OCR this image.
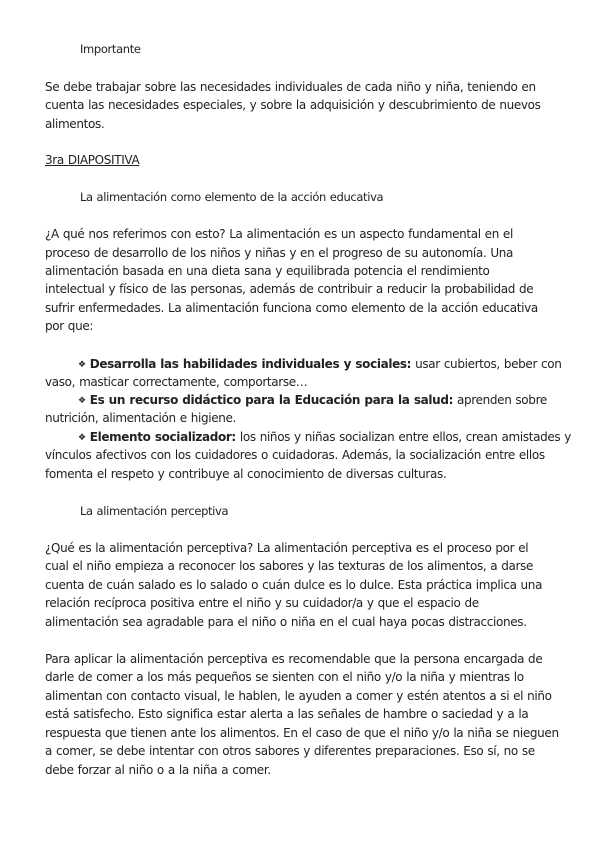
Importante
Se debe trabajar sobre las necesidades individuales de cada niño y niña, teniendo en
cuenta las necesidades especiales, y sobre la adquisición y descubrimiento de nuevos
alimentos.
3ra DIAPOSITIVA
La alimentación como elemento de la acción educativa
¿A qué nos referimos con esto? La alimentación es un aspecto fundamental en el
proceso de desarrollo de los niños y niñas y en el progreso de su autonomía. Una
alimentación basada en una dieta sana y equilibrada potencia el rendimiento
intelectual y físico de las personas, además de contribuir a reducir la probabilidad de
sufrir enfermedades. La alimentación funciona como elemento de la acción educativa
por que:
❖ Desarrolla las habilidades individuales y sociales: usar cubiertos, beber con
vaso, masticar correctamente, comportarse…
❖ Es un recurso didáctico para la Educación para la salud: aprenden sobre
nutrición, alimentación e higiene.
❖ Elemento socializador: los niños y niñas socializan entre ellos, crean amistades y
vínculos afectivos con los cuidadores o cuidadoras. Además, la socialización entre ellos
fomenta el respeto y contribuye al conocimiento de diversas culturas.
La alimentación perceptiva
¿Qué es la alimentación perceptiva? La alimentación perceptiva es el proceso por el
cual el niño empieza a reconocer los sabores y las texturas de los alimentos, a darse
cuenta de cuán salado es lo salado o cuán dulce es lo dulce. Esta práctica implica una
relación recíproca positiva entre el niño y su cuidador/a y que el espacio de
alimentación sea agradable para el niño o niña en el cual haya pocas distracciones.
Para aplicar la alimentación perceptiva es recomendable que la persona encargada de
darle de comer a los más pequeños se sienten con el niño y/o la niña y mientras lo
alimentan con contacto visual, le hablen, le ayuden a comer y estén atentos a si el niño
está satisfecho. Esto significa estar alerta a las señales de hambre o saciedad y a la
respuesta que tienen ante los alimentos. En el caso de que el niño y/o la niña se nieguen
a comer, se debe intentar con otros sabores y diferentes preparaciones. Eso sí, no se
debe forzar al niño o a la niña a comer.
